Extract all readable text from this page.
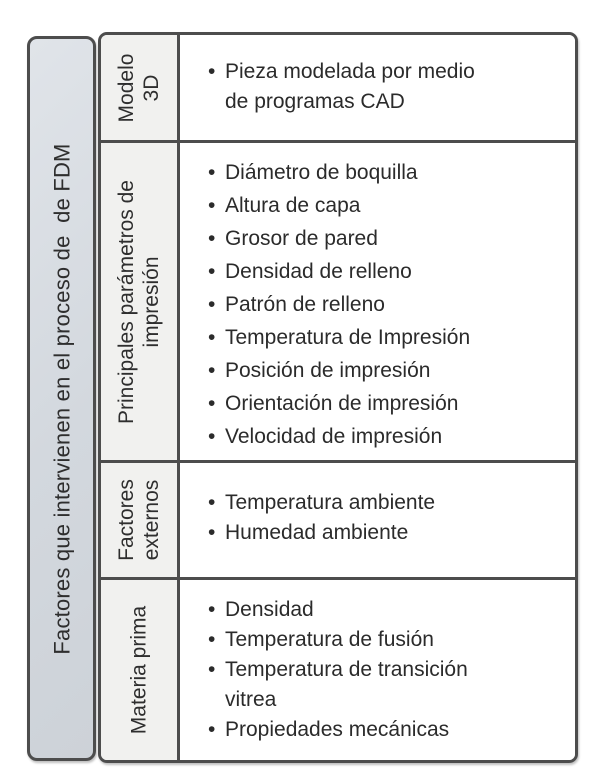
Factores que intervienen en el proceso de  de FDM
Modelo 3D
• Pieza modelada por medio de programas CAD
Principales parámetros de impresión
• Diámetro de boquilla
• Altura de capa
• Grosor de pared
• Densidad de relleno
• Patrón de relleno
• Temperatura de Impresión
• Posición de impresión
• Orientación de impresión
• Velocidad de impresión
Factores externos	• Temperatura ambiente
• Humedad ambiente
Materia prima	• Densidad
• Temperatura de fusión
• Temperatura de transición vitrea
• Propiedades mecánicas
